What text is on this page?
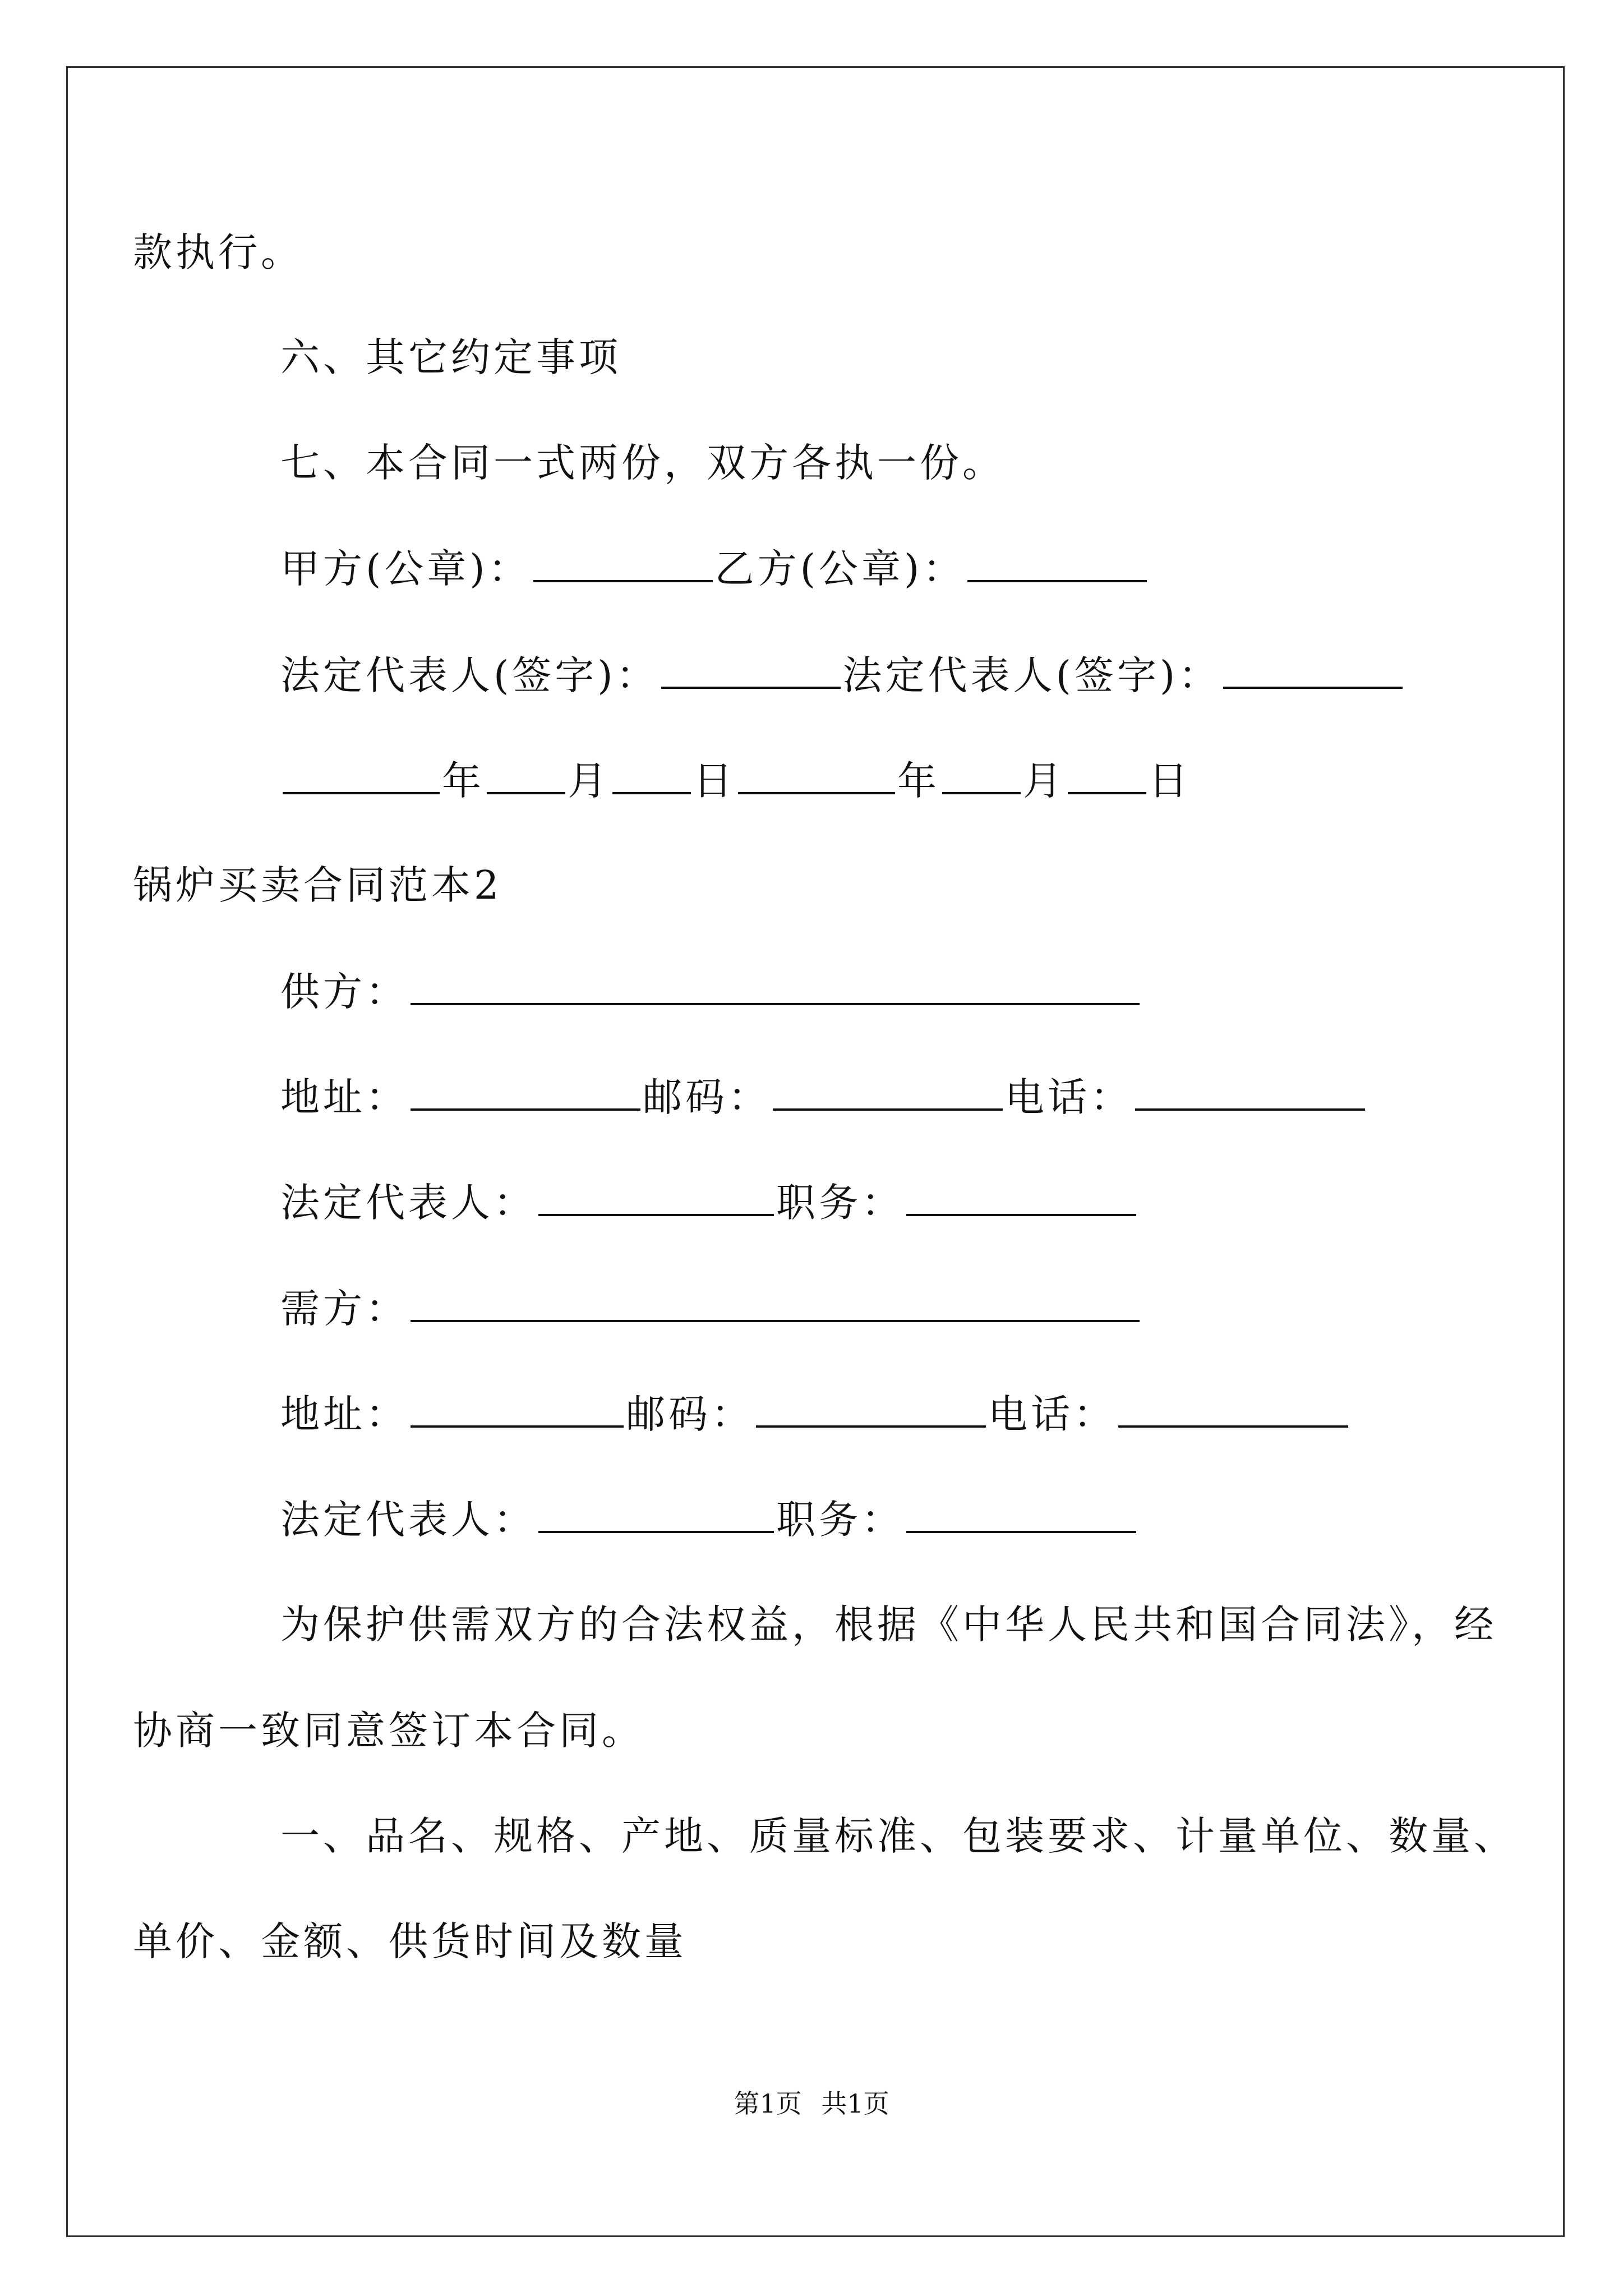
款执行。
六、其它约定事项
七、本合同一式两份，双方各执一份。
甲方(公章)：	乙方(公章)：
法定代表人(签字)：	法定代表人(签字)：
年 月 日	年 月 日
锅炉买卖合同范本2
供方：
地址：	邮码：	电话：
法定代表人：	职务：
需方：
地址：	邮码：	电话：
法定代表人：	职务：
为保护供需双方的合法权益，根据《中华人民共和国合同法》，经
协商一致同意签订本合同。
一、品名、规格、产地、质量标准、包装要求、计量单位、数量、
单价、金额、供货时间及数量
第1页 共1页
